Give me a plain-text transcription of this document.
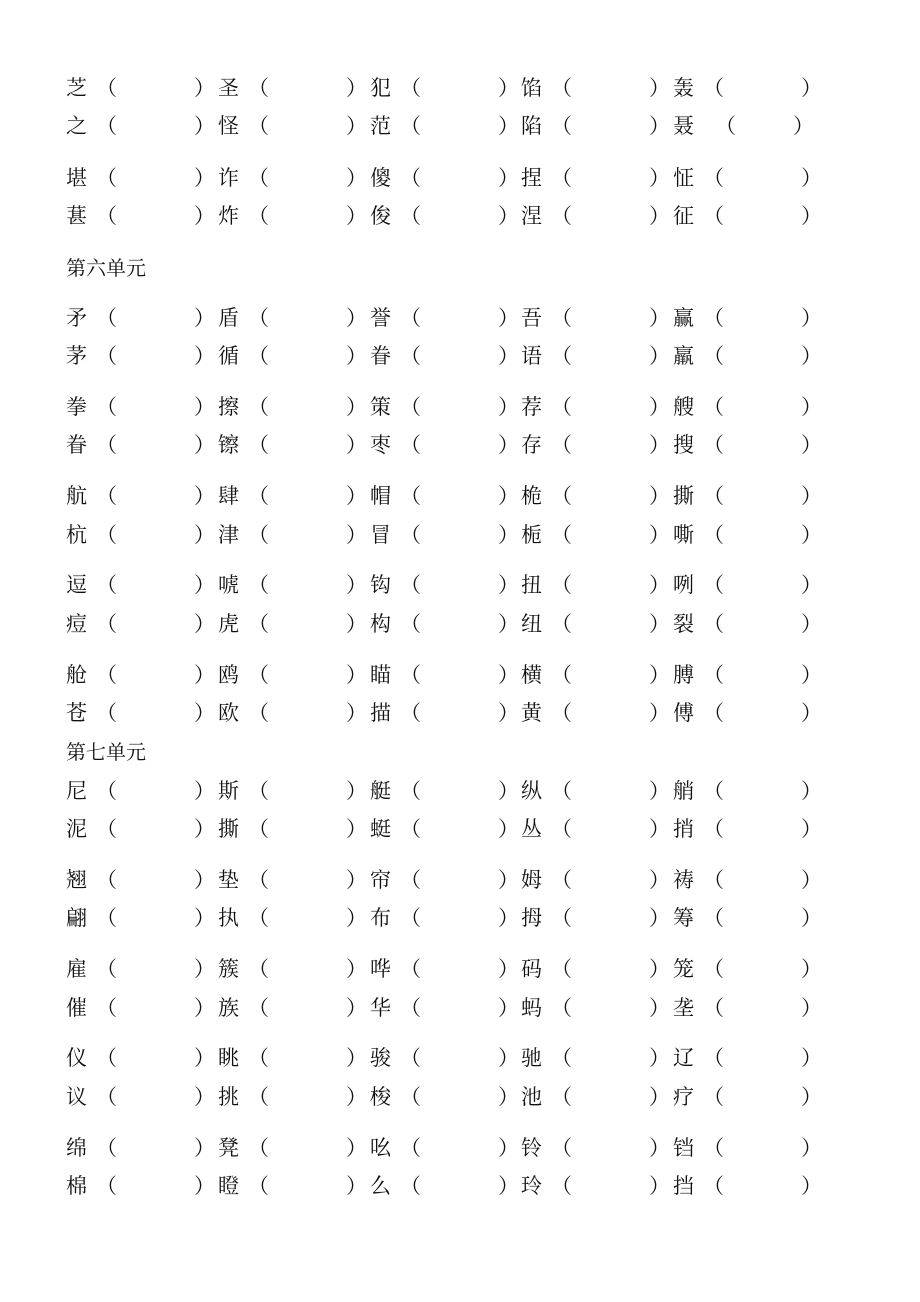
芝 （	） 圣 （	） 犯 （	） 馅 （	） 轰 （	）
之 （	） 怪 （	） 范 （	） 陷 （	） 聂 （	）
堪 （	） 诈 （	） 傻 （	） 捏 （	） 怔 （	）
葚 （	） 炸 （	） 俊 （	） 涅 （	） 征 （	）
第六单元
矛 （	） 盾 （	） 誉 （	） 吾 （	） 赢 （	）
茅 （	） 循 （	） 眷 （	） 语 （	） 羸 （	）
拳 （	） 擦 （	） 策 （	） 荐 （	） 艘 （	）
眷 （	） 镲 （	） 枣 （	） 存 （	） 搜 （	）
航 （	） 肆 （	） 帽 （	） 桅 （	） 撕 （	）
杭 （	） 津 （	） 冒 （	） 栀 （	） 嘶 （	）
逗 （	） 唬 （	） 钩 （	） 扭 （	） 咧 （	）
痘 （	） 虎 （	） 构 （	） 纽 （	） 裂 （	）
舱 （	） 鸥 （	） 瞄 （	） 横 （	） 膊 （	）
苍 （	） 欧 （	） 描 （	） 黄 （	） 傅 （	）
第七单元
尼 （	） 斯 （	） 艇 （	） 纵 （	） 艄 （	）
泥 （	） 撕 （	） 蜓 （	） 丛 （	） 捎 （	）
翘 （	） 垫 （	） 帘 （	） 姆 （	） 祷 （	）
翩 （	） 执 （	） 布 （	） 拇 （	） 筹 （	）
雇 （	） 簇 （	） 哗 （	） 码 （	） 笼 （	）
催 （	） 族 （	） 华 （	） 蚂 （	） 垄 （	）
仪 （	） 眺 （	） 骏 （	） 驰 （	） 辽 （	）
议 （	） 挑 （	） 梭 （	） 池 （	） 疗 （	）
绵 （	） 凳 （	） 吆 （	） 铃 （	） 铛 （	）
棉 （	） 瞪 （	） 么 （	） 玲 （	） 挡 （	）
